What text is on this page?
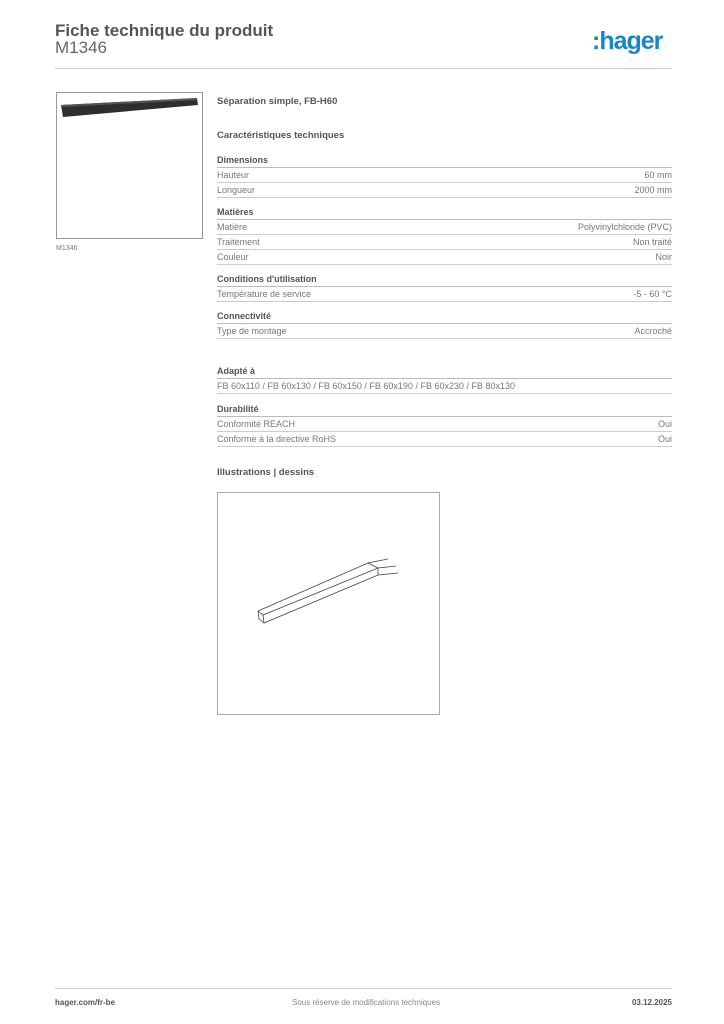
Fiche technique du produit
M1346	:hager
M1346
Séparation simple, FB-H60
Caractéristiques techniques
Dimensions
Hauteur	60 mm
Longueur	2000 mm
Matières
Matière	Polyvinylchloride (PVC)
Traitement	Non traité
Couleur	Noir
Conditions d'utilisation
Température de service	-5 - 60 °C
Connectivité
Type de montage	Accroché
Adapté à
FB 60x110 / FB 60x130 / FB 60x150 / FB 60x190 / FB 60x230 / FB 80x130
Durabilité
Conformité REACH	Oui
Conforme à la directive RoHS	Oui
Illustrations | dessins
hager.com/fr-be	Sous réserve de modifications techniques	03.12.2025
